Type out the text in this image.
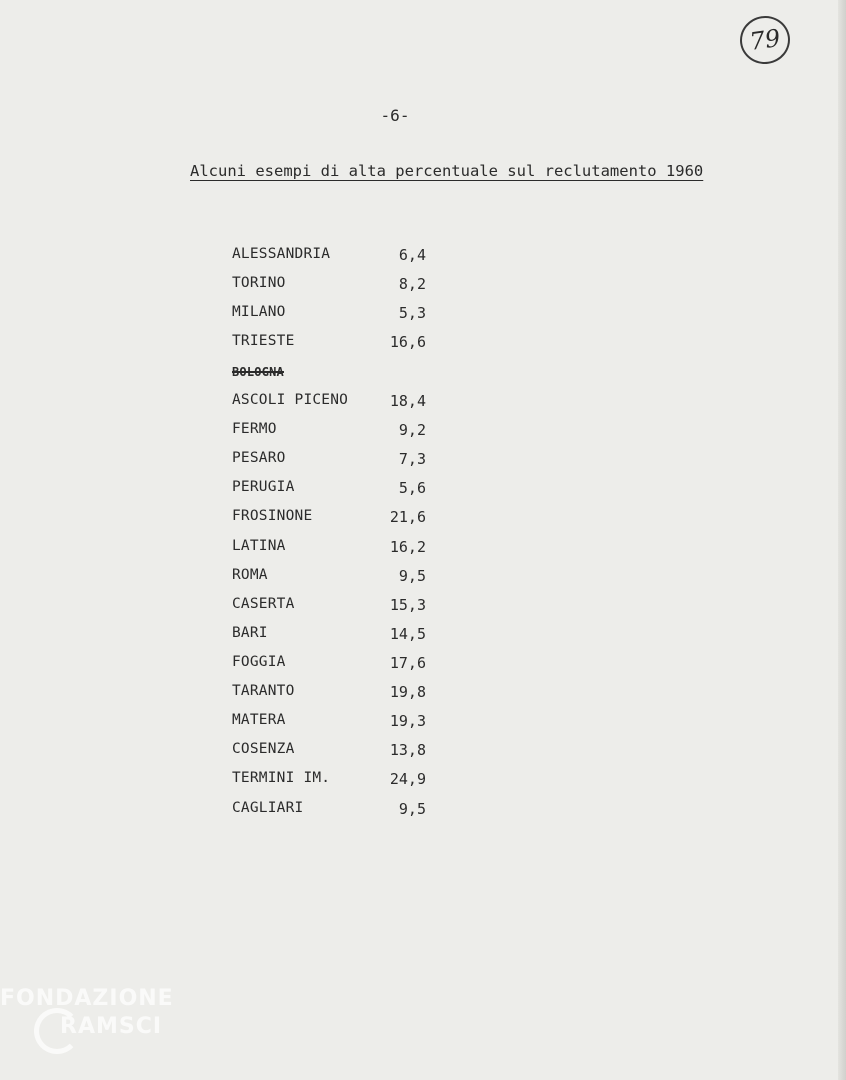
​
79
-6-
Alcuni esempi di alta percentuale sul reclutamento 1960
ALESSANDRIA	6,4
TORINO	8,2
MILANO	5,3
TRIESTE	16,6
BOLOGNA
ASCOLI PICENO	18,4
FERMO	9,2
PESARO	7,3
PERUGIA	5,6
FROSINONE	21,6
LATINA	16,2
ROMA	9,5
CASERTA	15,3
BARI	14,5
FOGGIA	17,6
TARANTO	19,8
MATERA	19,3
COSENZA	13,8
TERMINI IM.	24,9
CAGLIARI	9,5
FONDAZIONE
RAMSCI
